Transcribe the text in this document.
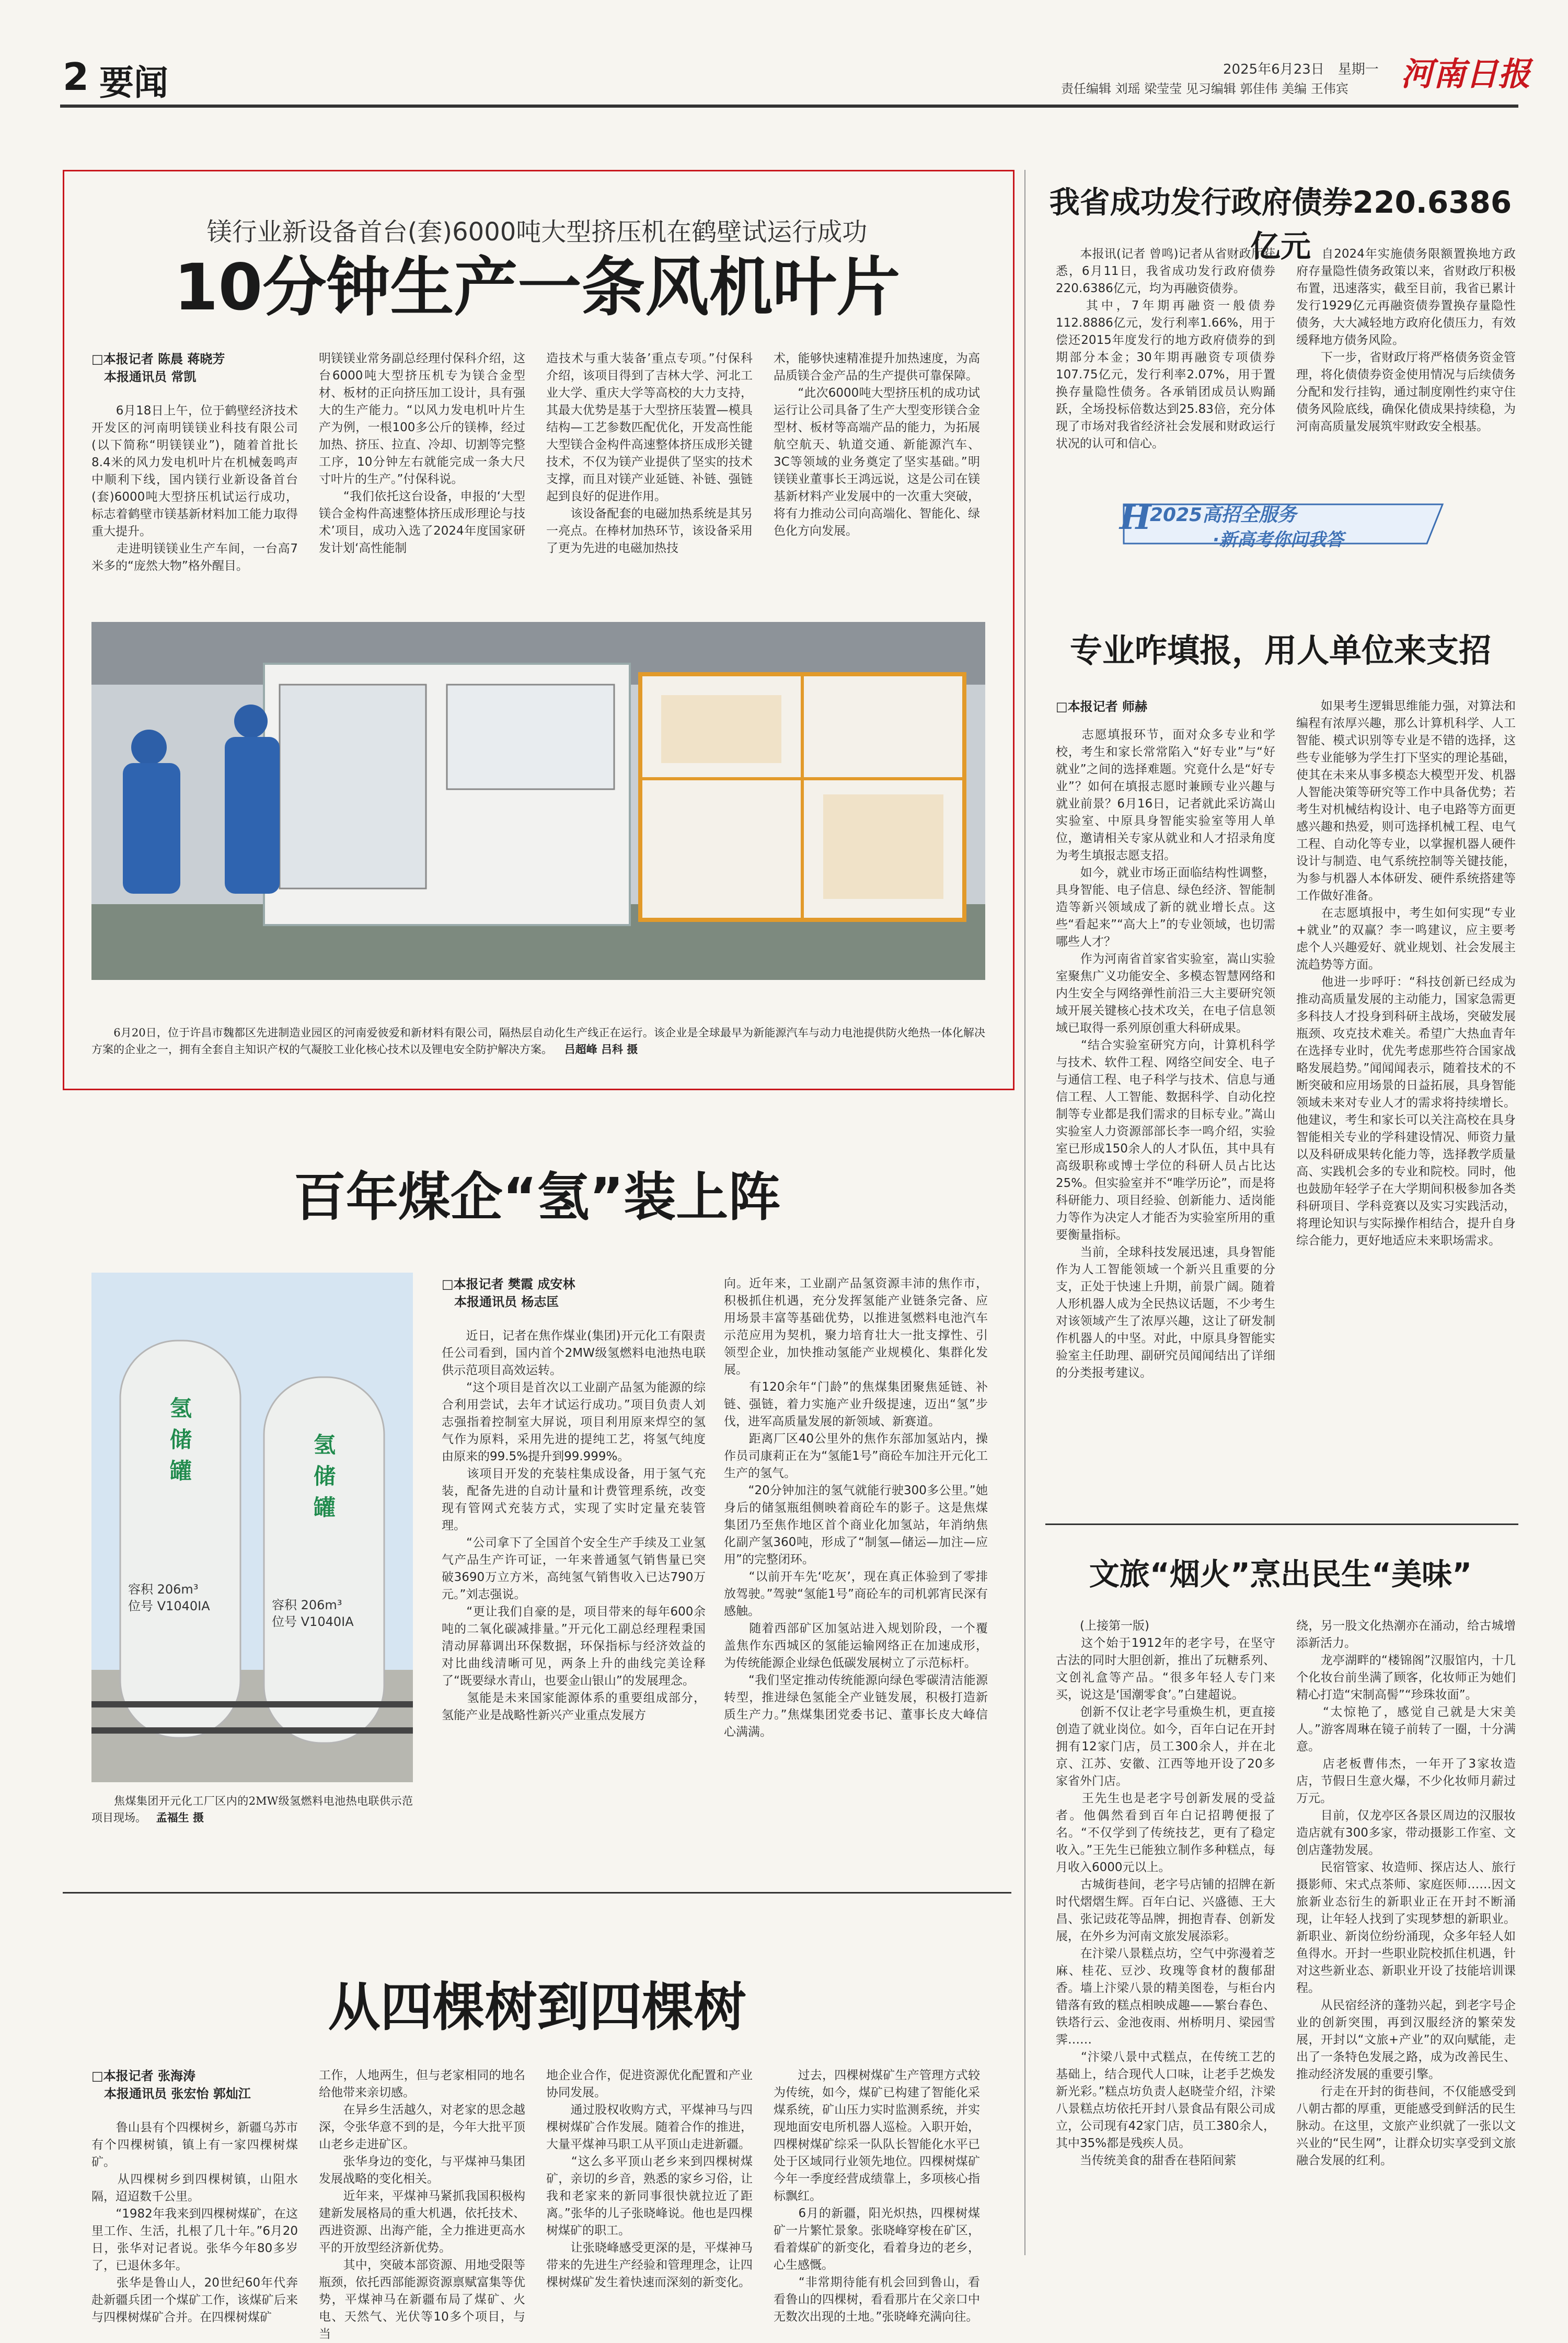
2 要闻	2025年6月23日　星期一
责任编辑 刘瑶 梁莹莹 见习编辑 郭佳伟 美编 王伟宾 河南日报
镁行业新设备首台(套)6000吨大型挤压机在鹤壁试运行成功
10分钟生产一条风机叶片
□本报记者 陈晨 蒋晓芳
　本报通讯员 常凯
　　6月18日上午，位于鹤壁经济技术开发区的河南明镁镁业科技有限公司(以下简称“明镁镁业”)，随着首批长8.4米的风力发电机叶片在机械轰鸣声中顺利下线，国内镁行业新设备首台(套)6000吨大型挤压机试运行成功，标志着鹤壁市镁基新材料加工能力取得重大提升。
　　走进明镁镁业生产车间，一台高7米多的“庞然大物”格外醒目。
明镁镁业常务副总经理付保科介绍，这台6000吨大型挤压机专为镁合金型材、板材的正向挤压加工设计，具有强大的生产能力。“以风力发电机叶片生产为例，一根100多公斤的镁棒，经过加热、挤压、拉直、冷却、切割等完整工序，10分钟左右就能完成一条大尺寸叶片的生产。”付保科说。
　　“我们依托这台设备，申报的‘大型镁合金构件高速整体挤压成形理论与技术’项目，成功入选了2024年度国家研发计划‘高性能制
造技术与重大装备’重点专项。”付保科介绍，该项目得到了吉林大学、河北工业大学、重庆大学等高校的大力支持，其最大优势是基于大型挤压装置—模具结构—工艺参数匹配优化，开发高性能大型镁合金构件高速整体挤压成形关键技术，不仅为镁产业提供了坚实的技术支撑，而且对镁产业延链、补链、强链起到良好的促进作用。
　　该设备配套的电磁加热系统是其另一亮点。在棒材加热环节，该设备采用了更为先进的电磁加热技
术，能够快速精准提升加热速度，为高品质镁合金产品的生产提供可靠保障。
　　“此次6000吨大型挤压机的成功试运行让公司具备了生产大型变形镁合金型材、板材等高端产品的能力，为拓展航空航天、轨道交通、新能源汽车、3C等领域的业务奠定了坚实基础。”明镁镁业董事长王鸿远说，这是公司在镁基新材料产业发展中的一次重大突破，将有力推动公司向高端化、智能化、绿色化方向发展。
　　6月20日，位于许昌市魏都区先进制造业园区的河南爱彼爱和新材料有限公司，隔热层自动化生产线正在运行。该企业是全球最早为新能源汽车与动力电池提供防火绝热一体化解决方案的企业之一，拥有全套自主知识产权的气凝胶工业化核心技术以及锂电安全防护解决方案。 吕超峰 吕科 摄
百年煤企“氢”装上阵
氢储罐
氢储罐
容积 206m³
位号 V1040IA	容积 206m³
位号 V1040IA
　　焦煤集团开元化工厂区内的2MW级氢燃料电池热电联供示范项目现场。 孟福生 摄
□本报记者 樊霞 成安林
　本报通讯员 杨志匡
　　近日，记者在焦作煤业(集团)开元化工有限责任公司看到，国内首个2MW级氢燃料电池热电联供示范项目高效运转。
　　“这个项目是首次以工业副产品氢为能源的综合利用尝试，去年才试运行成功。”项目负责人刘志强指着控制室大屏说，项目利用原来焊空的氢气作为原料，采用先进的提纯工艺，将氢气纯度由原来的99.5%提升到99.999%。
　　该项目开发的充装柱集成设备，用于氢气充装，配备先进的自动计量和计费管理系统，改变现有管网式充装方式，实现了实时定量充装管理。
　　“公司拿下了全国首个安全生产手续及工业氢气产品生产许可证，一年来普通氢气销售量已突破3690万立方米，高纯氢气销售收入已达790万元。”刘志强说。
　　“更让我们自豪的是，项目带来的每年600余吨的二氧化碳减排量。”开元化工副总经理程秉国清动屏幕调出环保数据，环保指标与经济效益的对比曲线清晰可见，两条上升的曲线完美诠释了“既要绿水青山，也要金山银山”的发展理念。
　　氢能是未来国家能源体系的重要组成部分，氢能产业是战略性新兴产业重点发展方
向。近年来，工业副产品氢资源丰沛的焦作市，积极抓住机遇，充分发挥氢能产业链条完备、应用场景丰富等基础优势，以推进氢燃料电池汽车示范应用为契机，聚力培育壮大一批支撑性、引领型企业，加快推动氢能产业规模化、集群化发展。
　　有120余年“门龄”的焦煤集团聚焦延链、补链、强链，着力实施产业升级提速，迈出“氢”步伐，进军高质量发展的新领域、新赛道。
　　距离厂区40公里外的焦作东部加氢站内，操作员司康莉正在为“氢能1号”商砼车加注开元化工生产的氢气。
　　“20分钟加注的氢气就能行驶300多公里。”她身后的储氢瓶组侧映着商砼车的影子。这是焦煤集团乃至焦作地区首个商业化加氢站，年消纳焦化副产氢360吨，形成了“制氢—储运—加注—应用”的完整闭环。
　　“以前开车先‘吃灰’，现在真正体验到了零排放驾驶。”驾驶“氢能1号”商砼车的司机郭宵民深有感触。
　　随着西部矿区加氢站进入规划阶段，一个覆盖焦作东西城区的氢能运输网络正在加速成形，为传统能源企业绿色低碳发展树立了示范标杆。
　　“我们坚定推动传统能源向绿色零碳清洁能源转型，推进绿色氢能全产业链发展，积极打造新质生产力。”焦煤集团党委书记、董事长皮大峰信心满满。
从四棵树到四棵树
□本报记者 张海涛
　本报通讯员 张宏怡 郭灿江
　　鲁山县有个四棵树乡，新疆乌苏市有个四棵树镇，镇上有一家四棵树煤矿。
　　从四棵树乡到四棵树镇，山阻水隔，迢迢数千公里。
　　“1982年我来到四棵树煤矿，在这里工作、生活，扎根了几十年。”6月20日，张华对记者说。张华今年80多岁了，已退休多年。
　　张华是鲁山人，20世纪60年代奔赴新疆兵团一个煤矿工作，该煤矿后来与四棵树煤矿合并。在四棵树煤矿
工作，人地两生，但与老家相同的地名给他带来亲切感。
　　在异乡生活越久，对老家的思念越深，令张华意不到的是，今年大批平顶山老乡走进矿区。
　　张华身边的变化，与平煤神马集团发展战略的变化相关。
　　近年来，平煤神马紧抓我国积极构建新发展格局的重大机遇，依托技术、西进资源、出海产能，全力推进更高水平的开放型经济新优势。
　　其中，突破本部资源、用地受限等瓶颈，依托西部能源资源禀赋富集等优势，平煤神马在新疆布局了煤矿、火电、天然气、光伏等10多个项目，与当
地企业合作，促进资源优化配置和产业协同发展。
　　通过股权收购方式，平煤神马与四棵树煤矿合作发展。随着合作的推进，大量平煤神马职工从平顶山走进新疆。
　　“这么多平顶山老乡来到四棵树煤矿，亲切的乡音，熟悉的家乡习俗，让我和老家来的新同事很快就拉近了距离。”张华的儿子张晓峰说。他也是四棵树煤矿的职工。
　　让张晓峰感受更深的是，平煤神马带来的先进生产经验和管理理念，让四棵树煤矿发生着快速而深刻的新变化。
　　过去，四棵树煤矿生产管理方式较为传统，如今，煤矿已构建了智能化采煤系统，矿山压力实时监测系统，并实现地面安电所机器人巡检。入职开始，四棵树煤矿综采一队队长智能化水平已处于区域同行业领先地位。四棵树煤矿今年一季度经营成绩靠上，多项核心指标飘红。
　　6月的新疆，阳光炽热，四棵树煤矿一片繁忙景象。张晓峰穿梭在矿区，看着煤矿的新变化，看着身边的老乡，心生感慨。
　　“非常期待能有机会回到鲁山，看看鲁山的四棵树，看看那片在父亲口中无数次出现的土地。”张晓峰充满向往。
我省成功发行政府债券220.6386亿元
　　本报讯(记者 曾鸣)记者从省财政厅获悉，6月11日，我省成功发行政府债券220.6386亿元，均为再融资债券。
　　其中，7年期再融资一般债券112.8886亿元，发行利率1.66%，用于偿还2015年度发行的地方政府债券的到期部分本金；30年期再融资专项债券107.75亿元，发行利率2.07%，用于置换存量隐性债务。各承销团成员认购踊跃，全场投标倍数达到25.83倍，充分体现了市场对我省经济社会发展和财政运行状况的认可和信心。
　　自2024年实施债务限额置换地方政府存量隐性债务政策以来，省财政厅积极布置，迅速落实，截至目前，我省已累计发行1929亿元再融资债券置换存量隐性债务，大大减轻地方政府化债压力，有效缓释地方债务风险。
　　下一步，省财政厅将严格债务资金管理，将化债债券资金使用情况与后续债务分配和发行挂钩，通过制度刚性约束守住债务风险底线，确保化债成果持续稳，为河南高质量发展筑牢财政安全根基。
H
2025高招全服务
·新高考你问我答
专业咋填报，用人单位来支招
□本报记者 师赫
　　志愿填报环节，面对众多专业和学校，考生和家长常常陷入“好专业”与“好就业”之间的选择难题。究竟什么是“好专业”？如何在填报志愿时兼顾专业兴趣与就业前景？6月16日，记者就此采访嵩山实验室、中原具身智能实验室等用人单位，邀请相关专家从就业和人才招录角度为考生填报志愿支招。
　　如今，就业市场正面临结构性调整，具身智能、电子信息、绿色经济、智能制造等新兴领域成了新的就业增长点。这些“看起来”“高大上”的专业领域，也切需哪些人才？
　　作为河南省首家省实验室，嵩山实验室聚焦广义功能安全、多模态智慧网络和内生安全与网络弹性前沿三大主要研究领域开展关键核心技术攻关，在电子信息领域已取得一系列原创重大科研成果。
　　“结合实验室研究方向，计算机科学与技术、软件工程、网络空间安全、电子与通信工程、电子科学与技术、信息与通信工程、人工智能、数据科学、自动化控制等专业都是我们需求的目标专业。”嵩山实验室人力资源部部长李一鸣介绍，实验室已形成150余人的人才队伍，其中具有高级职称或博士学位的科研人员占比达25%。但实验室并不“唯学历论”，而是将科研能力、项目经验、创新能力、适岗能力等作为决定人才能否为实验室所用的重要衡量指标。
　　当前，全球科技发展迅速，具身智能作为人工智能领域一个新兴且重要的分支，正处于快速上升期，前景广阔。随着人形机器人成为全民热议话题，不少考生对该领域产生了浓厚兴趣，这让了研发制作机器人的中坚。对此，中原具身智能实验室主任助理、副研究员闻闻结出了详细的分类报考建议。
　　如果考生逻辑思维能力强，对算法和编程有浓厚兴趣，那么计算机科学、人工智能、模式识别等专业是不错的选择，这些专业能够为学生打下坚实的理论基础，使其在未来从事多模态大模型开发、机器人智能决策等研究等工作中具备优势；若考生对机械结构设计、电子电路等方面更感兴趣和热爱，则可选择机械工程、电气工程、自动化等专业，以掌握机器人硬件设计与制造、电气系统控制等关键技能，为参与机器人本体研发、硬件系统搭建等工作做好准备。
　　在志愿填报中，考生如何实现“专业+就业”的双赢？李一鸣建议，应主要考虑个人兴趣爱好、就业规划、社会发展主流趋势等方面。
　　他进一步呼吁：“科技创新已经成为推动高质量发展的主动能力，国家急需更多科技人才投身到科研主战场，突破发展瓶颈、攻克技术难关。希望广大热血青年在选择专业时，优先考虑那些符合国家战略发展趋势。”闻闻闻表示，随着技术的不断突破和应用场景的日益拓展，具身智能领域未来对专业人才的需求将持续增长。他建议，考生和家长可以关注高校在具身智能相关专业的学科建设情况、师资力量以及科研成果转化能力等，选择教学质量高、实践机会多的专业和院校。同时，他也鼓励年轻学子在大学期间积极参加各类科研项目、学科竞赛以及实习实践活动，将理论知识与实际操作相结合，提升自身综合能力，更好地适应未来职场需求。
文旅“烟火”烹出民生“美味”
　　(上接第一版)
　　这个始于1912年的老字号，在坚守古法的同时大胆创新，推出了玩糖系列、文创礼盒等产品。“很多年轻人专门来买，说这是‘国潮零食’。”白建超说。
　　创新不仅让老字号重焕生机，更直接创造了就业岗位。如今，百年白记在开封拥有12家门店，员工300余人，并在北京、江苏、安徽、江西等地开设了20多家省外门店。
　　王先生也是老字号创新发展的受益者。他偶然看到百年白记招聘便报了名。“不仅学到了传统技艺，更有了稳定收入。”王先生已能独立制作多种糕点，每月收入6000元以上。
　　古城街巷间，老字号店铺的招牌在新时代熠熠生辉。百年白记、兴盛德、王大昌、张记豉花等品牌，拥抱青春、创新发展，在外乡为河南文旅发展添彩。
　　在汴梁八景糕点坊，空气中弥漫着芝麻、桂花、豆沙、玫瑰等食材的馥郁甜香。墙上汴梁八景的精美图卷，与柜台内错落有致的糕点相映成趣——繁台春色、铁塔行云、金池夜雨、州桥明月、梁园雪霁……
　　“汴梁八景中式糕点，在传统工艺的基础上，结合现代人口味，让老手艺焕发新光彩。”糕点坊负责人赵晓莹介绍，汴梁八景糕点坊依托开封八景食品有限公司成立，公司现有42家门店，员工380余人，其中35%都是残疾人员。
　　当传统美食的甜香在巷陌间萦
绕，另一股文化热潮亦在涌动，给古城增添新活力。
　　龙亭湖畔的“楼锦阁”汉服馆内，十几个化妆台前坐满了顾客，化妆师正为她们精心打造“宋制高髻”“珍珠妆面”。
　　“太惊艳了，感觉自己就是大宋美人。”游客周琳在镜子前转了一圈，十分满意。
　　店老板曹伟杰，一年开了3家妆造店，节假日生意火爆，不少化妆师月薪过万元。
　　目前，仅龙亭区各景区周边的汉服妆造店就有300多家，带动摄影工作室、文创店蓬勃发展。
　　民宿管家、妆造师、探店达人、旅行摄影师、宋式点茶师、家庭医师……因文旅新业态衍生的新职业正在开封不断涌现，让年轻人找到了实现梦想的新职业。新职业、新岗位纷纷涌现，众多年轻人如鱼得水。开封一些职业院校抓住机遇，针对这些新业态、新职业开设了技能培训课程。
　　从民宿经济的蓬勃兴起，到老字号企业的创新突围，再到汉服经济的繁荣发展，开封以“文旅+产业”的双向赋能，走出了一条特色发展之路，成为改善民生、推动经济发展的重要引擎。
　　行走在开封的街巷间，不仅能感受到八朝古都的厚重，更能感受到鲜活的民生脉动。在这里，文旅产业织就了一张以文兴业的“民生网”，让群众切实享受到文旅融合发展的红利。
